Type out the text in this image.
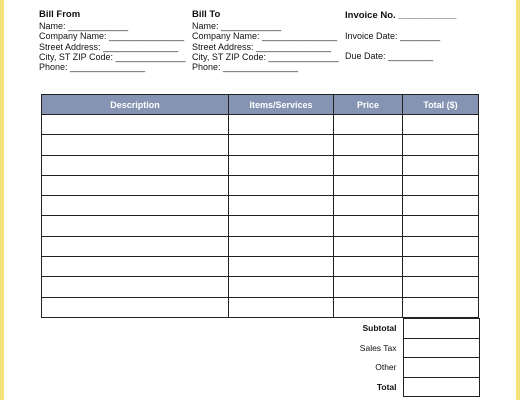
Bill From
Name: ____________
Company Name: _______________
Street Address: _______________
City, ST ZIP Code: ______________
Phone: _______________
Bill To
Name: ____________
Company Name: _______________
Street Address: _______________
City, ST ZIP Code: ______________
Phone: _______________
Invoice No. ___________
Invoice Date: ________
Due Date: _________
Description	Items/Services	Price	Total ($)

Subtotal	
Sales Tax	
Other	
Total	
